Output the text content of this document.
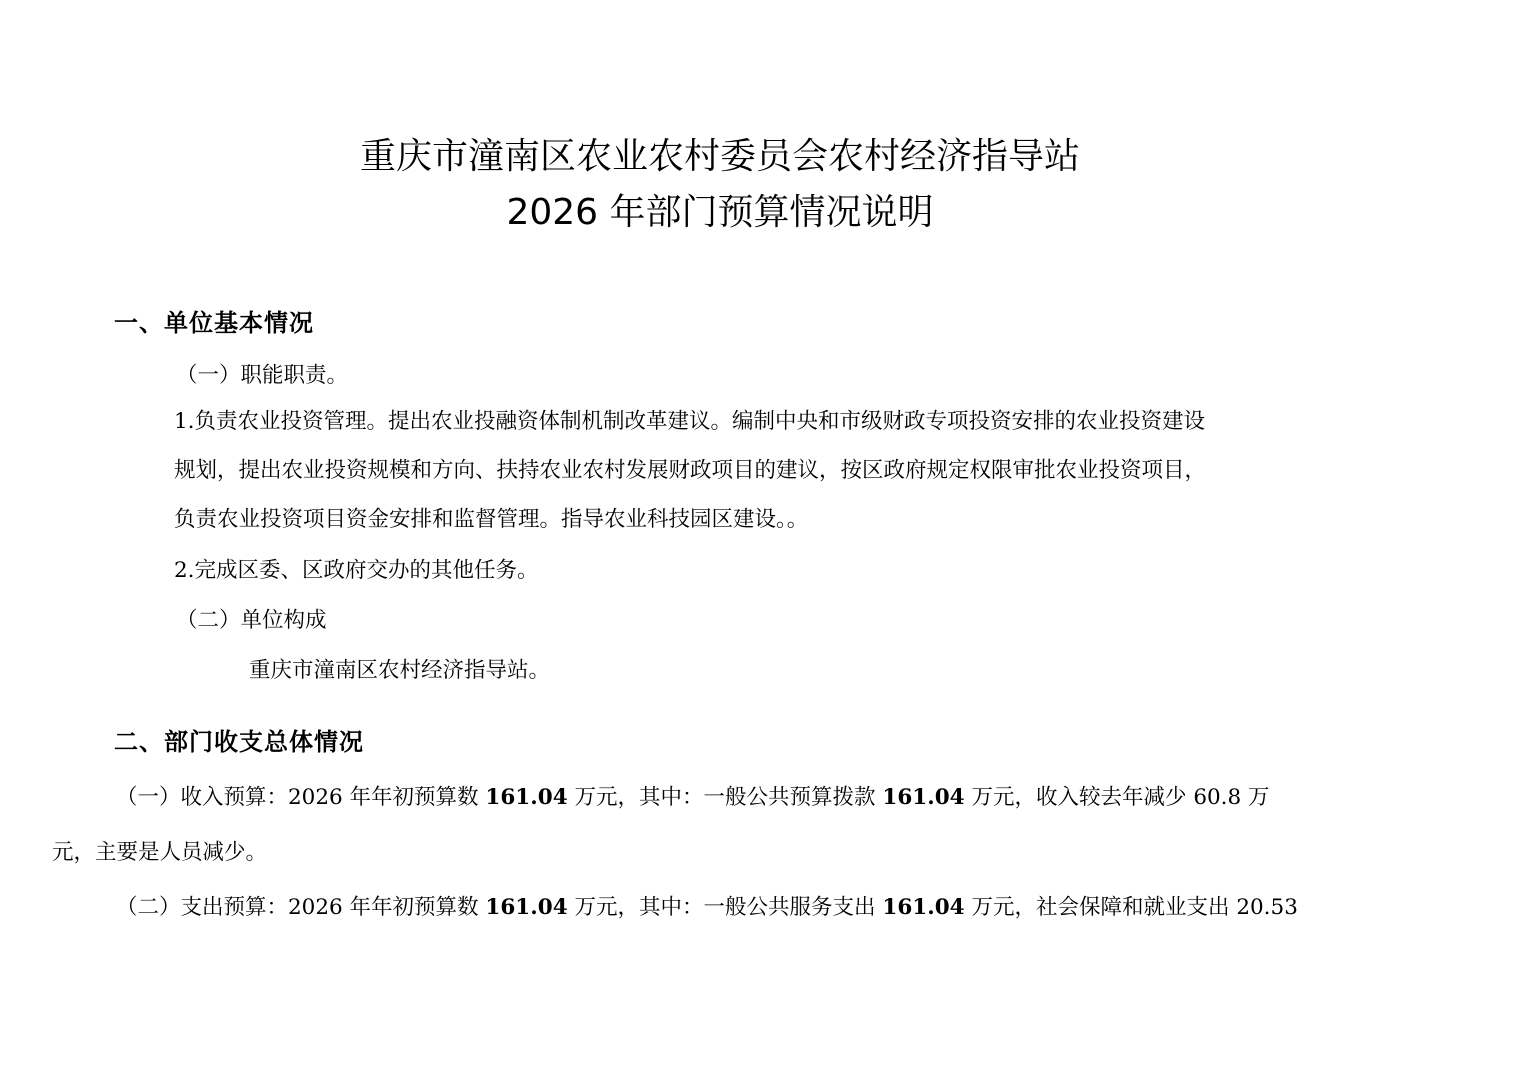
重庆市潼南区农业农村委员会农村经济指导站
2026 年部门预算情况说明
一、单位基本情况
（一）职能职责。
1.负责农业投资管理。提出农业投融资体制机制改革建议。编制中央和市级财政专项投资安排的农业投资建设
规划，提出农业投资规模和方向、扶持农业农村发展财政项目的建议，按区政府规定权限审批农业投资项目，
负责农业投资项目资金安排和监督管理。指导农业科技园区建设。。
2.完成区委、区政府交办的其他任务。
（二）单位构成
重庆市潼南区农村经济指导站。
二、部门收支总体情况
（一）收入预算：2026 年年初预算数 161.04 万元，其中：一般公共预算拨款 161.04 万元，收入较去年减少 60.8 万
元，主要是人员减少。
（二）支出预算：2026 年年初预算数 161.04 万元，其中：一般公共服务支出 161.04 万元，社会保障和就业支出 20.53
